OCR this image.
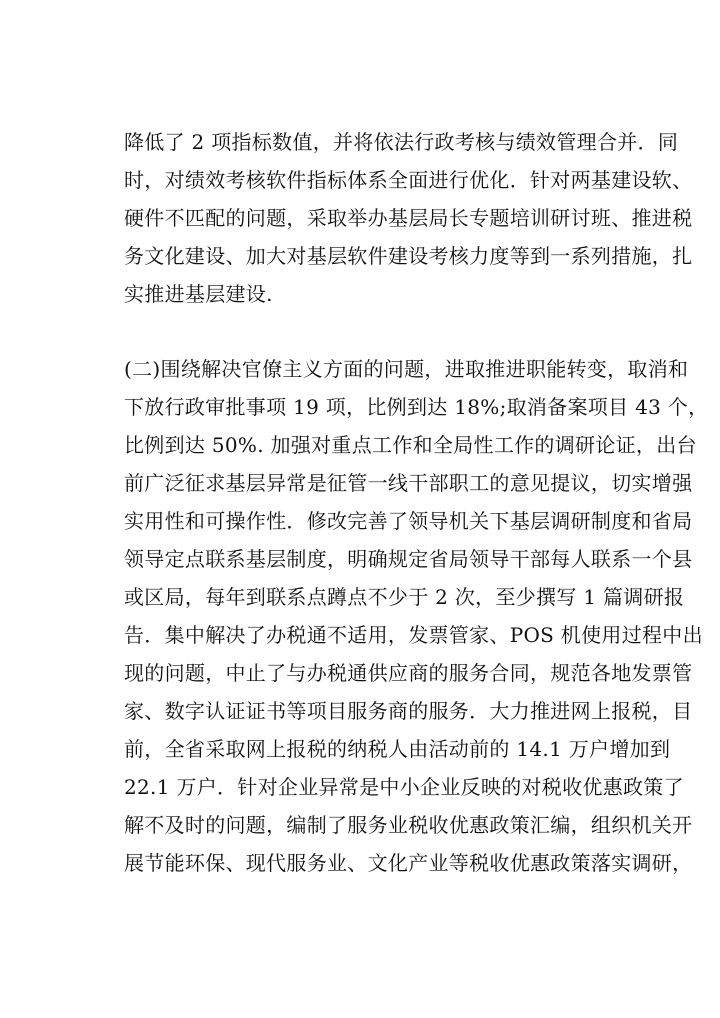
降低了 2 项指标数值，并将依法行政考核与绩效管理合并．同
时，对绩效考核软件指标体系全面进行优化．针对两基建设软、
硬件不匹配的问题，采取举办基层局长专题培训研讨班、推进税
务文化建设、加大对基层软件建设考核力度等到一系列措施，扎
实推进基层建设.
(二)围绕解决官僚主义方面的问题，进取推进职能转变，取消和
下放行政审批事项 19 项，比例到达 18%;取消备案项目 43 个，
比例到达 50%. 加强对重点工作和全局性工作的调研论证，出台
前广泛征求基层异常是征管一线干部职工的意见提议，切实增强
实用性和可操作性．修改完善了领导机关下基层调研制度和省局
领导定点联系基层制度，明确规定省局领导干部每人联系一个县
或区局，每年到联系点蹲点不少于 2 次，至少撰写 1 篇调研报
告．集中解决了办税通不适用，发票管家、POS 机使用过程中出
现的问题，中止了与办税通供应商的服务合同，规范各地发票管
家、数字认证证书等项目服务商的服务．大力推进网上报税，目
前，全省采取网上报税的纳税人由活动前的 14.1 万户增加到
22.1 万户．针对企业异常是中小企业反映的对税收优惠政策了
解不及时的问题，编制了服务业税收优惠政策汇编，组织机关开
展节能环保、现代服务业、文化产业等税收优惠政策落实调研，
